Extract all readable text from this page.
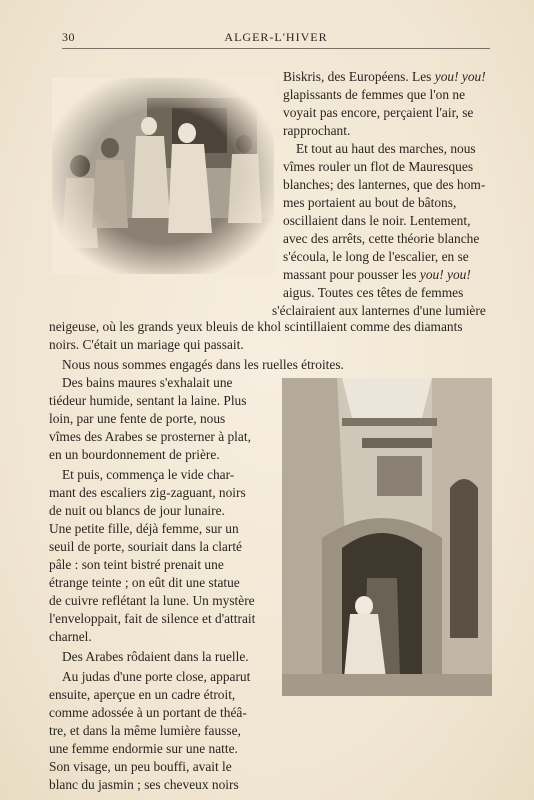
30	ALGER-L'HIVER
Biskris, des Européens. Les you! you!
glapissants de femmes que l'on ne
voyait pas encore, perçaient l'air, se
rapprochant.
Et tout au haut des marches, nous
vîmes rouler un flot de Mauresques
blanches; des lanternes, que des hom-
mes portaient au bout de bâtons,
oscillaient dans le noir. Lentement,
avec des arrêts, cette théorie blanche
s'écoula, le long de l'escalier, en se
massant pour pousser les you! you!
aigus. Toutes ces têtes de femmes
s'éclairaient aux lanternes d'une lumière
neigeuse, où les grands yeux bleuis de khol scintillaient comme des diamants
noirs. C'était un mariage qui passait.
Nous nous sommes engagés dans les ruelles étroites.
Des bains maures s'exhalait une
tiédeur humide, sentant la laine. Plus
loin, par une fente de porte, nous
vîmes des Arabes se prosterner à plat,
en un bourdonnement de prière.
Et puis, commença le vide char-
mant des escaliers zig-zaguant, noirs
de nuit ou blancs de jour lunaire.
Une petite fille, déjà femme, sur un
seuil de porte, souriait dans la clarté
pâle : son teint bistré prenait une
étrange teinte ; on eût dit une statue
de cuivre reflétant la lune. Un mystère
l'enveloppait, fait de silence et d'attrait
charnel.
Des Arabes rôdaient dans la ruelle.
Au judas d'une porte close, apparut
ensuite, aperçue en un cadre étroit,
comme adossée à un portant de théâ-
tre, et dans la même lumière fausse,
une femme endormie sur une natte.
Son visage, un peu bouffi, avait le
blanc du jasmin ; ses cheveux noirs
